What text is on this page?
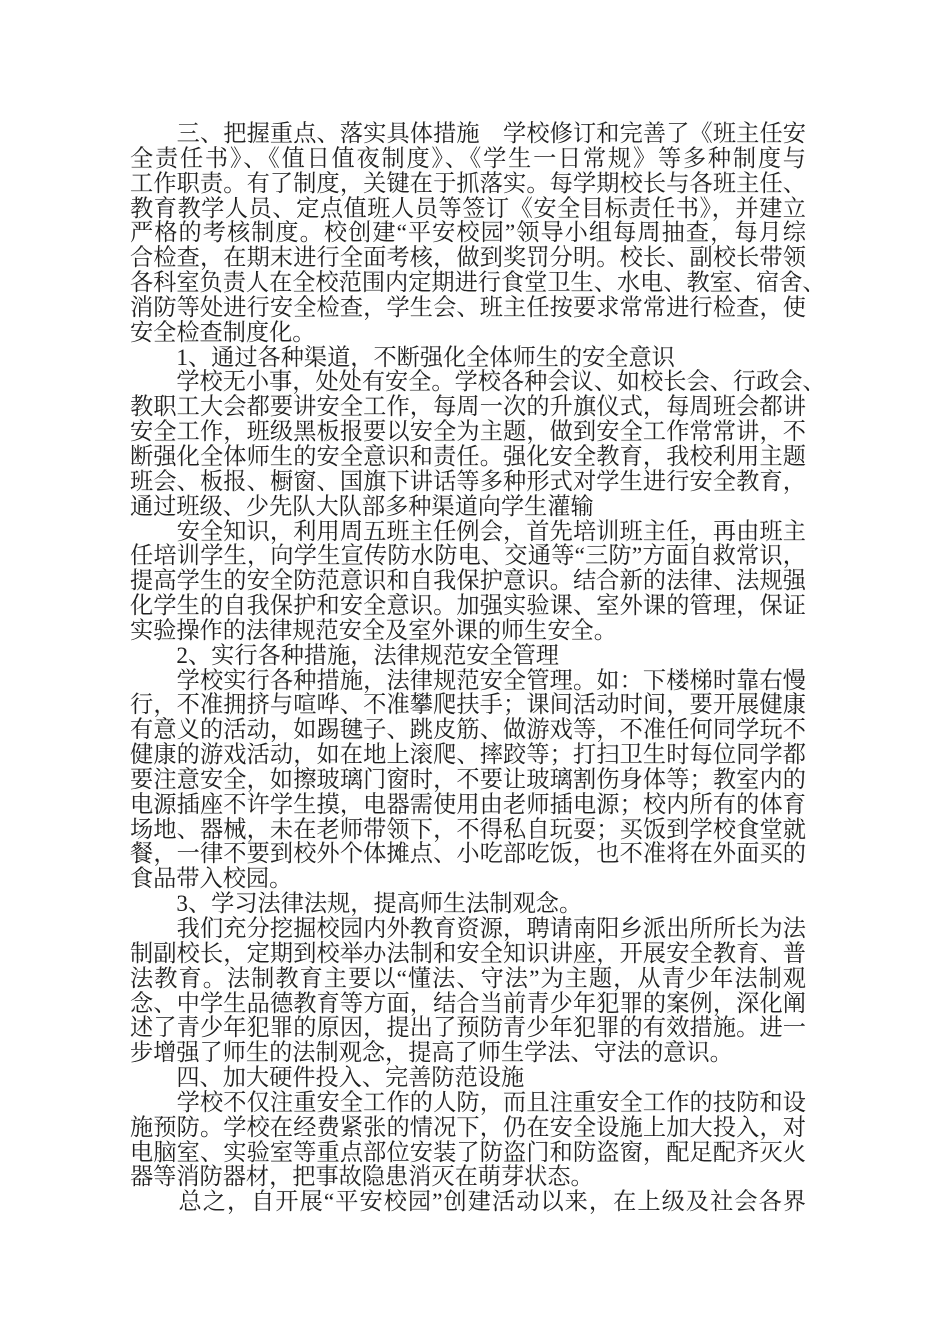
　　三、把握重点、落实具体措施　学校修订和完善了《班主任安
全责任书》、《值日值夜制度》、《学生一日常规》等多种制度与
工作职责。有了制度，关键在于抓落实。每学期校长与各班主任、
教育教学人员、定点值班人员等签订《安全目标责任书》，并建立
严格的考核制度。校创建“平安校园”领导小组每周抽查，每月综
合检查，在期末进行全面考核，做到奖罚分明。校长、副校长带领
各科室负责人在全校范围内定期进行食堂卫生、水电、教室、宿舍、
消防等处进行安全检查，学生会、班主任按要求常常进行检查，使
安全检查制度化。
　　1、通过各种渠道，不断强化全体师生的安全意识
　　学校无小事，处处有安全。学校各种会议、如校长会、行政会、
教职工大会都要讲安全工作，每周一次的升旗仪式，每周班会都讲
安全工作，班级黑板报要以安全为主题，做到安全工作常常讲，不
断强化全体师生的安全意识和责任。强化安全教育，我校利用主题
班会、板报、橱窗、国旗下讲话等多种形式对学生进行安全教育，
通过班级、少先队大队部多种渠道向学生灌输
　　安全知识，利用周五班主任例会，首先培训班主任，再由班主
任培训学生，向学生宣传防水防电、交通等“三防”方面自救常识，
提高学生的安全防范意识和自我保护意识。结合新的法律、法规强
化学生的自我保护和安全意识。加强实验课、室外课的管理，保证
实验操作的法律规范安全及室外课的师生安全。
　　2、实行各种措施，法律规范安全管理
　　学校实行各种措施，法律规范安全管理。如：下楼梯时靠右慢
行，不准拥挤与喧哗、不准攀爬扶手；课间活动时间，要开展健康
有意义的活动，如踢毽子、跳皮筋、做游戏等，不准任何同学玩不
健康的游戏活动，如在地上滚爬、摔跤等；打扫卫生时每位同学都
要注意安全，如擦玻璃门窗时，不要让玻璃割伤身体等；教室内的
电源插座不许学生摸，电器需使用由老师插电源；校内所有的体育
场地、器械，未在老师带领下，不得私自玩耍；买饭到学校食堂就
餐，一律不要到校外个体摊点、小吃部吃饭，也不准将在外面买的
食品带入校园。
　　3、学习法律法规，提高师生法制观念。
　　我们充分挖掘校园内外教育资源，聘请南阳乡派出所所长为法
制副校长，定期到校举办法制和安全知识讲座，开展安全教育、普
法教育。法制教育主要以“懂法、守法”为主题，从青少年法制观
念、中学生品德教育等方面，结合当前青少年犯罪的案例，深化阐
述了青少年犯罪的原因，提出了预防青少年犯罪的有效措施。进一
步增强了师生的法制观念，提高了师生学法、守法的意识。
　　四、加大硬件投入、完善防范设施
　　学校不仅注重安全工作的人防，而且注重安全工作的技防和设
施预防。学校在经费紧张的情况下，仍在安全设施上加大投入，对
电脑室、实验室等重点部位安装了防盗门和防盗窗，配足配齐灭火
器等消防器材，把事故隐患消灭在萌芽状态。
　　总之，自开展“平安校园”创建活动以来，在上级及社会各界
